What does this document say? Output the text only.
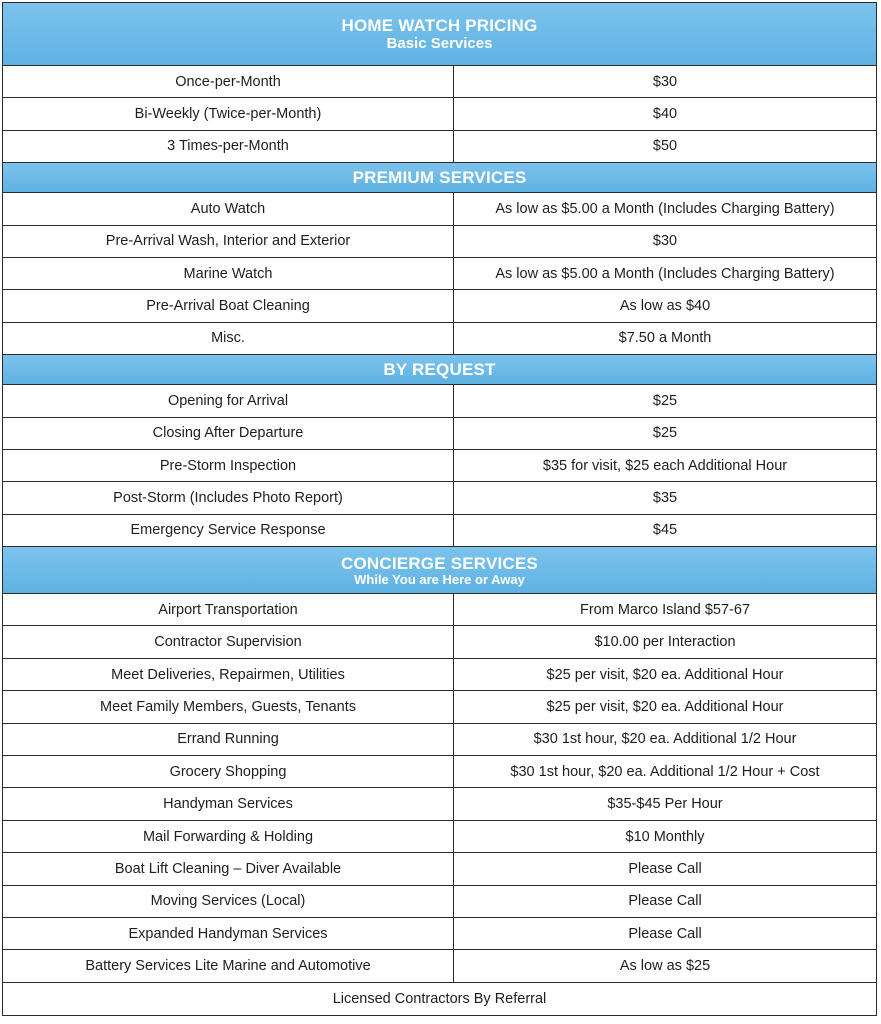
HOME WATCH PRICING
Basic Services
Once-per-Month	$30
Bi-Weekly (Twice-per-Month)	$40
3 Times-per-Month	$50
PREMIUM SERVICES
Auto Watch	As low as $5.00 a Month (Includes Charging Battery)
Pre-Arrival Wash, Interior and Exterior	$30
Marine Watch	As low as $5.00 a Month (Includes Charging Battery)
Pre-Arrival Boat Cleaning	As low as $40
Misc.	$7.50 a Month
BY REQUEST
Opening for Arrival	$25
Closing After Departure	$25
Pre-Storm Inspection	$35 for visit, $25 each Additional Hour
Post-Storm (Includes Photo Report)	$35
Emergency Service Response	$45
CONCIERGE SERVICES
While You are Here or Away
Airport Transportation	From Marco Island $57-67
Contractor Supervision	$10.00 per Interaction
Meet Deliveries, Repairmen, Utilities	$25 per visit, $20 ea. Additional Hour
Meet Family Members, Guests, Tenants	$25 per visit, $20 ea. Additional Hour
Errand Running	$30 1st hour, $20 ea. Additional 1/2 Hour
Grocery Shopping	$30 1st hour, $20 ea. Additional 1/2 Hour + Cost
Handyman Services	$35-$45 Per Hour
Mail Forwarding & Holding	$10 Monthly
Boat Lift Cleaning – Diver Available	Please Call
Moving Services (Local)	Please Call
Expanded Handyman Services	Please Call
Battery Services Lite Marine and Automotive	As low as $25
Licensed Contractors By Referral
